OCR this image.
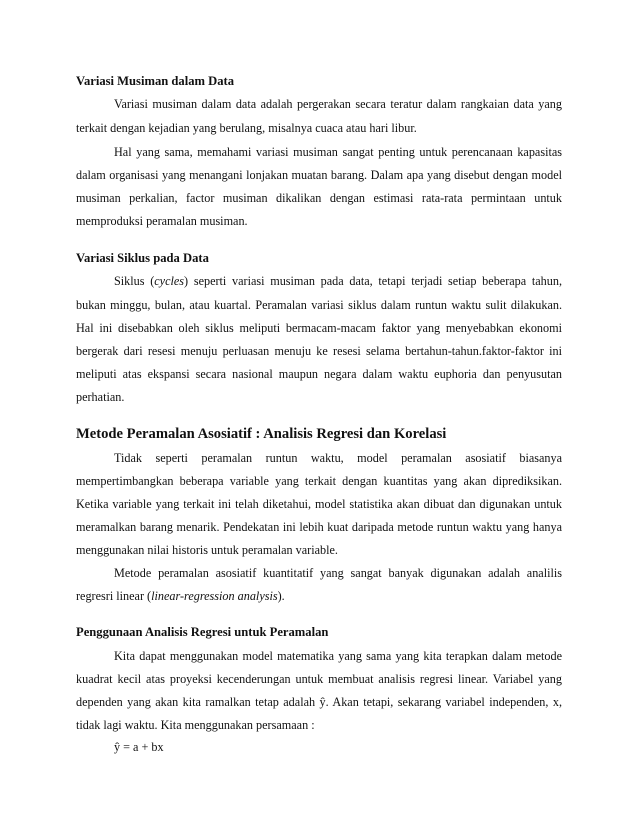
Variasi Musiman dalam Data
Variasi musiman dalam data adalah pergerakan secara teratur dalam rangkaian data yang
terkait dengan kejadian yang berulang, misalnya cuaca atau hari libur.
Hal yang sama, memahami variasi musiman sangat penting untuk perencanaan kapasitas
dalam organisasi yang menangani lonjakan muatan barang. Dalam apa yang disebut dengan model
musiman perkalian, factor musiman dikalikan dengan estimasi rata-rata permintaan untuk
memproduksi peramalan musiman.
Variasi Siklus pada Data
Siklus (cycles) seperti variasi musiman pada data, tetapi terjadi setiap beberapa tahun,
bukan minggu, bulan, atau kuartal. Peramalan variasi siklus dalam runtun waktu sulit dilakukan.
Hal ini disebabkan oleh siklus meliputi bermacam-macam faktor yang menyebabkan ekonomi
bergerak dari resesi menuju perluasan menuju ke resesi selama bertahun-tahun.faktor-faktor ini
meliputi atas ekspansi secara nasional maupun negara dalam waktu euphoria dan penyusutan
perhatian.
Metode Peramalan Asosiatif : Analisis Regresi dan Korelasi
Tidak seperti peramalan runtun waktu, model peramalan asosiatif biasanya
mempertimbangkan beberapa variable yang terkait dengan kuantitas yang akan diprediksikan.
Ketika variable yang terkait ini telah diketahui, model statistika akan dibuat dan digunakan untuk
meramalkan barang menarik. Pendekatan ini lebih kuat daripada metode runtun waktu yang hanya
menggunakan nilai historis untuk peramalan variable.
Metode peramalan asosiatif kuantitatif yang sangat banyak digunakan adalah analilis
regresri linear (linear-regression analysis).
Penggunaan Analisis Regresi untuk Peramalan
Kita dapat menggunakan model matematika yang sama yang kita terapkan dalam metode
kuadrat kecil atas proyeksi kecenderungan untuk membuat analisis regresi linear. Variabel yang
dependen yang akan kita ramalkan tetap adalah ŷ. Akan tetapi, sekarang variabel independen, x,
tidak lagi waktu. Kita menggunakan persamaan :
ŷ = a + bx
